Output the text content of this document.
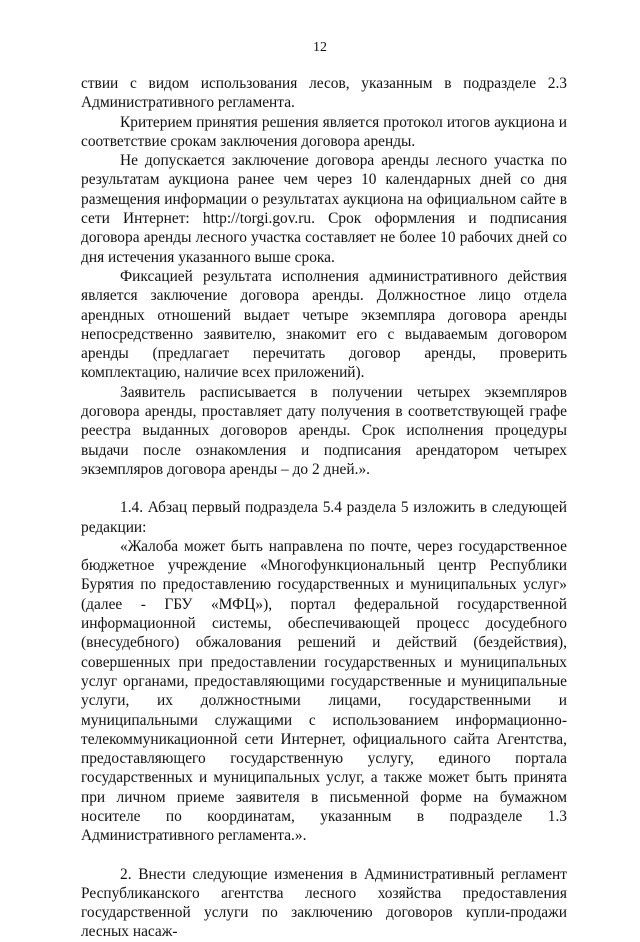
12

ствии с видом использования лесов, указанным в подразделе 2.3 Административного регламента.

Критерием принятия решения является протокол итогов аукциона и соответствие срокам заключения договора аренды.

Не допускается заключение договора аренды лесного участка по результатам аукциона ранее чем через 10 календарных дней со дня размещения информации о результатах аукциона на официальном сайте в сети Интернет: http://torgi.gov.ru. Срок оформления и подписания договора аренды лесного участка составляет не более 10 рабочих дней со дня истечения указанного выше срока.

Фиксацией результата исполнения административного действия является заключение договора аренды. Должностное лицо отдела арендных отношений выдает четыре экземпляра договора аренды непосредственно заявителю, знакомит его с выдаваемым договором аренды (предлагает перечитать договор аренды, проверить комплектацию, наличие всех приложений).

Заявитель расписывается в получении четырех экземпляров договора аренды, проставляет дату получения в соответствующей графе реестра выданных договоров аренды. Срок исполнения процедуры выдачи после ознакомления и подписания арендатором четырех экземпляров договора аренды – до 2 дней.».

1.4. Абзац первый подраздела 5.4 раздела 5 изложить в следующей редакции:

«Жалоба может быть направлена по почте, через государственное бюджетное учреждение «Многофункциональный центр Республики Бурятия по предоставлению государственных и муниципальных услуг» (далее - ГБУ «МФЦ»), портал федеральной государственной информационной системы, обеспечивающей процесс досудебного (внесудебного) обжалования решений и действий (бездействия), совершенных при предоставлении государственных и муниципальных услуг органами, предоставляющими государственные и муниципальные услуги, их должностными лицами, государственными и муниципальными служащими с использованием информационно-телекоммуникационной сети Интернет, официального сайта Агентства, предоставляющего государственную услугу, единого портала государственных и муниципальных услуг, а также может быть принята при личном приеме заявителя в письменной форме на бумажном носителе по координатам, указанным в подразделе 1.3 Административного регламента.».

2. Внести следующие изменения в Административный регламент Республиканского агентства лесного хозяйства предоставления государственной услуги по заключению договоров купли-продажи лесных насаж-
